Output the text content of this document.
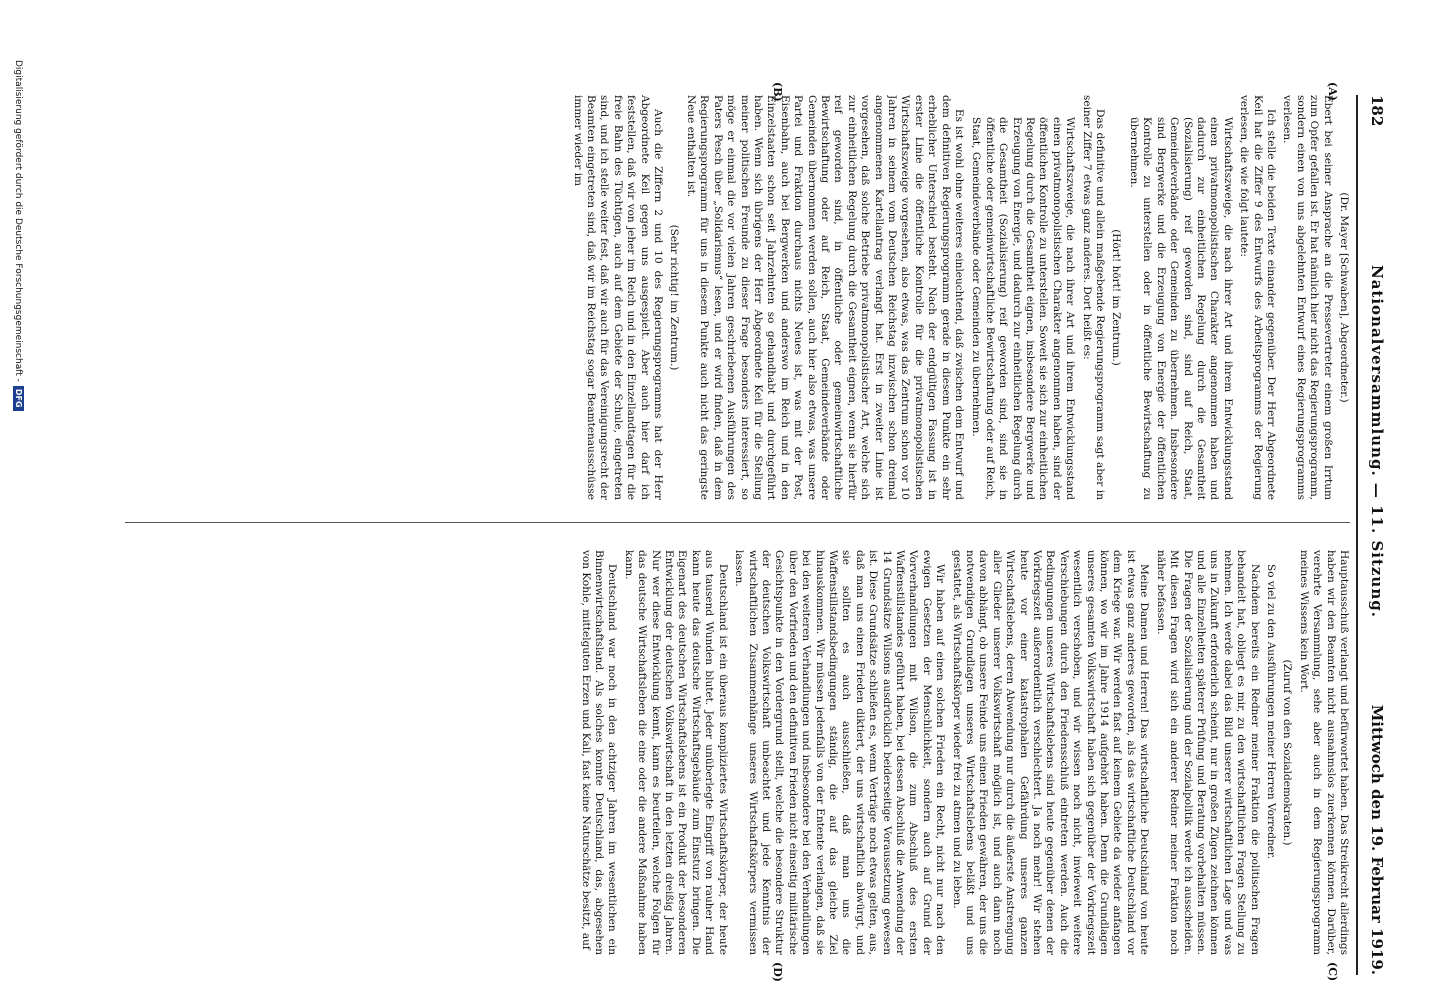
182
Nationalversammlung. — 11. Sitzung.
Mittwoch den 19. Februar 1919.
(A)
(B)
(C)
(D)

(Dr. Mayer [Schwaben], Abgeordneter.)

Ebert bei seiner Ansprache an die Pressevertreter einem großen Irrtum zum Opfer gefallen ist. Er hat nämlich hier nicht das Regierungsprogramm, sondern einen von uns abgelehnten Entwurf eines Regierungsprogramms verlesen.

Ich stelle die beiden Texte einander gegenüber. Der Herr Abgeordnete Keil hat die Ziffer 9 des Entwurfs des Arbeitsprogramms der Regierung verlesen, die wie folgt lautete:

Wirtschaftszweige, die nach ihrer Art und ihrem Entwicklungsstand einen privatmonopolistischen Charakter angenommen haben und dadurch zur einheitlichen Regelung durch die Gesamtheit (Sozialisierung) reif geworden sind, sind auf Reich, Staat, Gemeindeverbände oder Gemeinden zu übernehmen. Insbesondere sind Bergwerke und die Erzeugung von Energie der öffentlichen Kontrolle zu unterstellen oder in öffentliche Bewirtschaftung zu übernehmen.

(Hört! hört! im Zentrum.)

Das definitive und allein maßgebende Regierungsprogramm sagt aber in seiner Ziffer 7 etwas ganz anderes. Dort heißt es:

Wirtschaftszweige, die nach ihrer Art und ihrem Entwicklungsstand einen privatmonopolistischen Charakter angenommen haben, sind der öffentlichen Kontrolle zu unterstellen. Soweit sie sich zur einheitlichen Regelung durch die Gesamtheit eignen, insbesondere Bergwerke und Erzeugung von Energie, und dadurch zur einheitlichen Regelung durch die Gesamtheit (Sozialisierung) reif geworden sind, sind sie in öffentliche oder gemeinwirtschaftliche Bewirtschaftung oder auf Reich, Staat, Gemeindeverbände oder Gemeinden zu übernehmen.

Es ist wohl ohne weiteres einleuchtend, daß zwischen dem Entwurf und dem definitiven Regierungsprogramm gerade in diesem Punkte ein sehr erheblicher Unterschied besteht. Nach der endgültigen Fassung ist in erster Linie die öffentliche Kontrolle für die privatmonopolistischen Wirtschaftszweige vorgesehen, also etwas, was das Zentrum schon vor 10 Jahren in seinem vom Deutschen Reichstag inzwischen schon dreimal angenommenen Kartellantrag verlangt hat. Erst in zweiter Linie ist vorgesehen, daß solche Betriebe privatmonopolistischer Art, welche sich zur einheitlichen Regelung durch die Gesamtheit eignen, wenn sie hierfür reif geworden sind, in öffentliche oder gemeinwirtschaftliche Bewirtschaftung oder auf Reich, Staat, Gemeindeverbände oder Gemeinden übernommen werden sollen, auch hier also etwas, was unsere Partei und Fraktion durchaus nichts Neues ist, was mit der Post, Eisenbahn, auch bei Bergwerken und anderswo im Reich und in den Einzelstaaten schon seit Jahrzehnten so gehandhabt und durchgeführt haben. Wenn sich übrigens der Herr Abgeordnete Keil für die Stellung meiner politischen Freunde zu dieser Frage besonders interessiert, so möge er einmal die vor vielen Jahren geschriebenen Ausführungen des Paters Pesch über „Solidarismus“ lesen, und er wird finden, daß in dem Regierungsprogramm für uns in diesem Punkte auch nicht das geringste Neue enthalten ist.

(Sehr richtig! im Zentrum.)

Auch die Ziffern 2 und 10 des Regierungsprogramms hat der Herr Abgeordnete Keil gegen uns ausgespielt. Aber auch hier darf ich feststellen, daß wir von jeher im Reich und in den Einzellandtagen für die freie Bahn des Tüchtigen, auch auf dem Gebiete der Schule, eingetreten sind, und ich stelle weiter fest, daß wir auch für das Vereinigungsrecht der Beamten eingetreten sind, daß wir im Reichstag sogar Beamtenausschüsse immer wieder im

Hauptausschuß verlangt und befürwortet haben. Das Streikrecht allerdings haben wir den Beamten nicht ausnahmslos zuerkennen können. Darüber, verehrte Versammlung, sehe aber auch in dem Regierungsprogramm meines Wissens kein Wort.

(Zuruf von den Sozialdemokraten.)

So viel zu den Ausführungen meiner Herren Vorredner.

Nachdem bereits ein Redner meiner Fraktion die politischen Fragen behandelt hat, obliegt es mir, zu den wirtschaftlichen Fragen Stellung zu nehmen. Ich werde dabei das Bild unserer wirtschaftlichen Lage und was uns in Zukunft erforderlich scheint, nur in großen Zügen zeichnen können und alle Einzelheiten späterer Prüfung und Beratung vorbehalten müssen. Die Fragen der Sozialisierung und der Sozialpolitik werde ich ausscheiden. Mit diesen Fragen wird sich ein anderer Redner meiner Fraktion noch näher befassen.

Meine Damen und Herren! Das wirtschaftliche Deutschland von heute ist etwas ganz anderes geworden, als das wirtschaftliche Deutschland vor dem Kriege war. Wir werden fast auf keinem Gebiete da wieder anfangen können, wo wir im Jahre 1914 aufgehört haben. Denn die Grundlagen unseres gesamten Volkswirtschaft haben sich gegenüber der Vorkriegszeit wesentlich verschoben, und wir wissen noch nicht, inwieweit weitere Verschiebungen durch den Friedensschluß eintreten werden. Auch die Bedingungen unseres Wirtschaftslebens sind heute gegenüber denen der Vorkriegszeit außerordentlich verschlechtert. Ja noch mehr! Wir stehen heute vor einer katastrophalen Gefährdung unseres ganzen Wirtschaftslebens, deren Abwendung nur durch die äußerste Anstrengung aller Glieder unserer Volkswirtschaft möglich ist, und auch dann noch davon abhängt, ob unsere Feinde uns einen Frieden gewähren, der uns die notwendigen Grundlagen unseres Wirtschaftslebens beläßt und uns gestattet, als Wirtschaftskörper wieder frei zu atmen und zu leben.

Wir haben auf einen solchen Frieden ein Recht, nicht nur nach den ewigen Gesetzen der Menschlichkeit, sondern auch auf Grund der Vorverhandlungen mit Wilson, die zum Abschluß des ersten Waffenstillstandes geführt haben, bei dessen Abschluß die Anwendung der 14 Grundsätze Wilsons ausdrücklich beiderseitige Voraussetzung gewesen ist. Diese Grundsätze schließen es, wenn Verträge noch etwas gelten, aus, daß man uns einen Frieden diktiert, der uns wirtschaftlich abwürgt, und sie sollten es auch ausschließen, daß man uns die Waffenstillstandsbedingungen ständig, die auf das gleiche Ziel hinauskommen. Wir müssen jedenfalls von der Entente verlangen, daß sie bei den weiteren Verhandlungen und insbesondere bei den Verhandlungen über den Vorfrieden und den definitiven Frieden nicht einseitig militärische Gesichtspunkte in den Vordergrund stellt, welche die besondere Struktur der deutschen Volkswirtschaft unbeachtet und jede Kenntnis der wirtschaftlichen Zusammenhänge unseres Wirtschaftskörpers vermissen lassen.

Deutschland ist ein überaus kompliziertes Wirtschaftskörper, der heute aus tausend Wunden blutet. Jeder unüberlegte Eingriff von rauher Hand kann heute das deutsche Wirtschaftsgebäude zum Einsturz bringen. Die Eigenart des deutschen Wirtschaftslebens ist ein Produkt der besonderen Entwicklung der deutschen Volkswirtschaft in den letzten dreißig Jahren. Nur wer diese Entwicklung kennt, kann es beurteilen, welche Folgen für das deutsche Wirtschaftsleben die eine oder die andere Maßnahme haben kann.

Deutschland war noch in den achtziger Jahren im wesentlichen ein Binnenwirtschaftsland. Als solches konnte Deutschland, das, abgesehen von Kohle, mittelguten Erzen und Kali, fast keine Naturschätze besitzt, auf

Digitalisierung gefördert durch die Deutsche Forschungsgemeinschaft -
DFG
